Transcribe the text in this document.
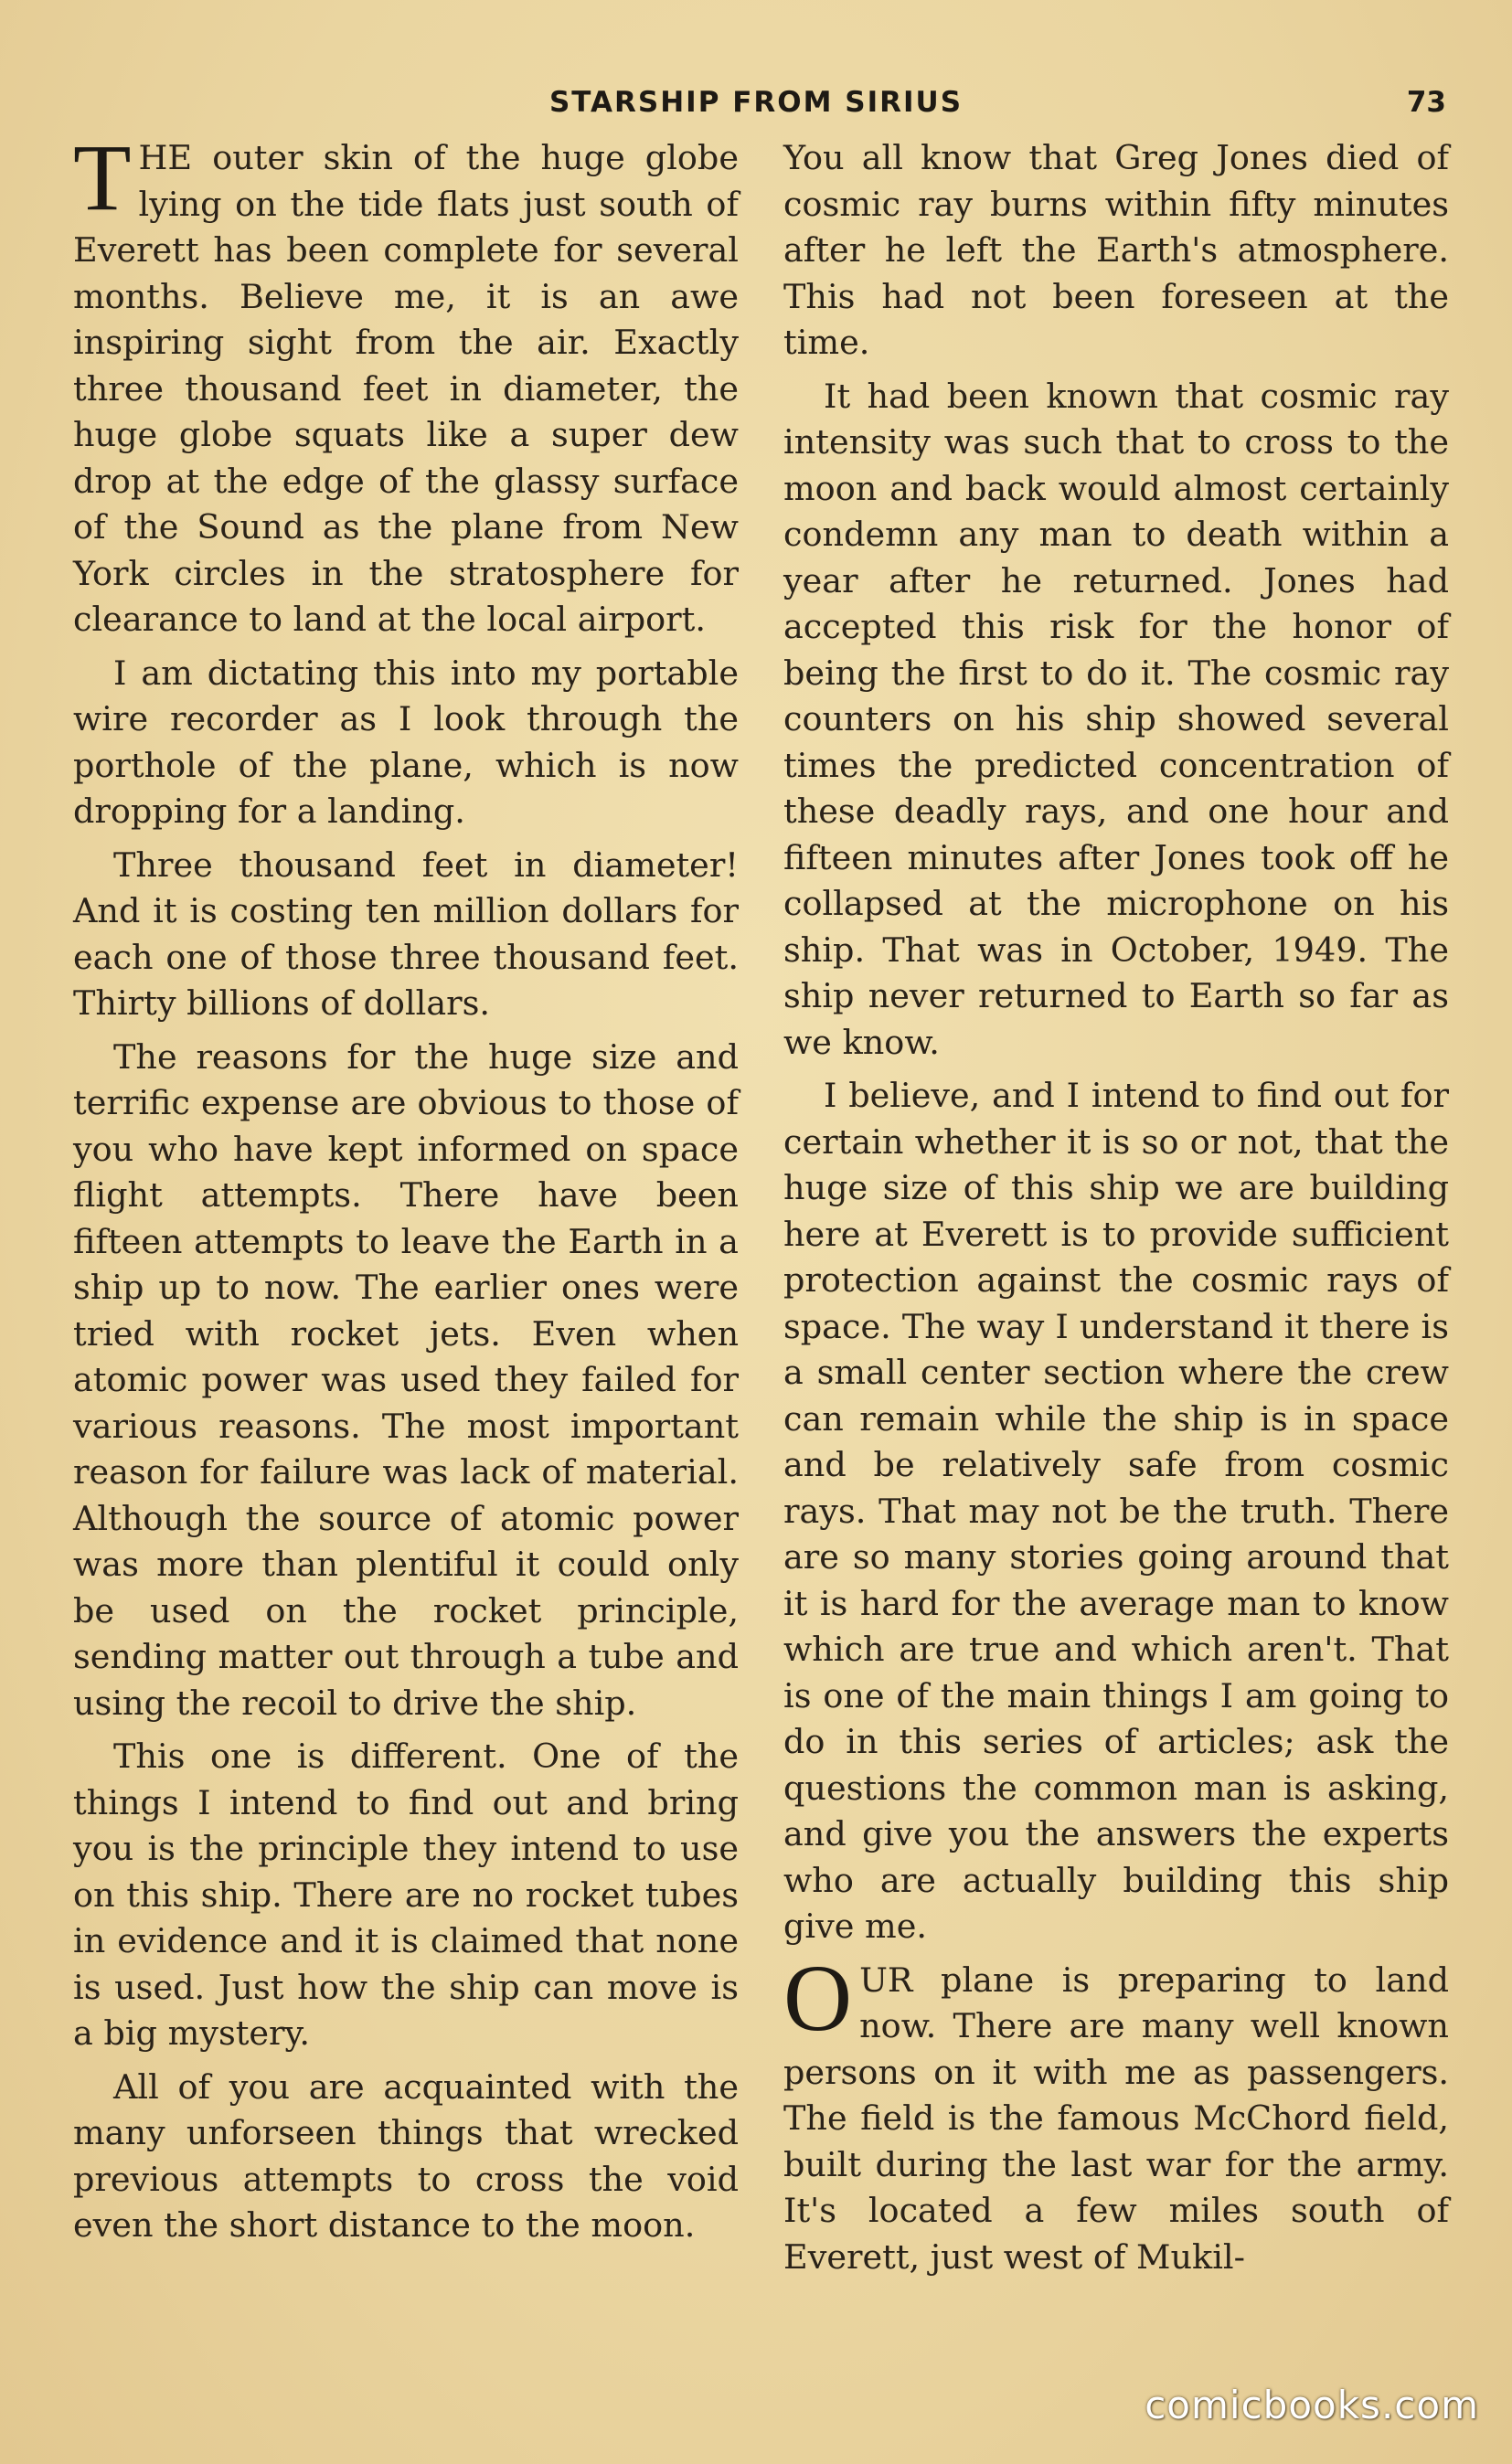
STARSHIP FROM SIRIUS	73

THE outer skin of the huge globe lying on the tide flats just south of Everett has been complete for several months. Believe me, it is an awe inspiring sight from the air. Exactly three thousand feet in diameter, the huge globe squats like a super dew drop at the edge of the glassy surface of the Sound as the plane from New York circles in the stratosphere for clearance to land at the local airport.

I am dictating this into my portable wire recorder as I look through the porthole of the plane, which is now dropping for a landing.

Three thousand feet in diameter! And it is costing ten million dollars for each one of those three thousand feet. Thirty billions of dollars.

The reasons for the huge size and terrific expense are obvious to those of you who have kept informed on space flight attempts. There have been fifteen attempts to leave the Earth in a ship up to now. The earlier ones were tried with rocket jets. Even when atomic power was used they failed for various reasons. The most important reason for failure was lack of material. Although the source of atomic power was more than plentiful it could only be used on the rocket principle, sending matter out through a tube and using the recoil to drive the ship.

This one is different. One of the things I intend to find out and bring you is the principle they intend to use on this ship. There are no rocket tubes in evidence and it is claimed that none is used. Just how the ship can move is a big mystery.

All of you are acquainted with the many unforseen things that wrecked previous attempts to cross the void even the short distance to the moon.

You all know that Greg Jones died of cosmic ray burns within fifty minutes after he left the Earth's atmosphere. This had not been foreseen at the time.

It had been known that cosmic ray intensity was such that to cross to the moon and back would almost certainly condemn any man to death within a year after he returned. Jones had accepted this risk for the honor of being the first to do it. The cosmic ray counters on his ship showed several times the predicted concentration of these deadly rays, and one hour and fifteen minutes after Jones took off he collapsed at the microphone on his ship. That was in October, 1949. The ship never returned to Earth so far as we know.

I believe, and I intend to find out for certain whether it is so or not, that the huge size of this ship we are building here at Everett is to provide sufficient protection against the cosmic rays of space. The way I understand it there is a small center section where the crew can remain while the ship is in space and be relatively safe from cosmic rays. That may not be the truth. There are so many stories going around that it is hard for the average man to know which are true and which aren't. That is one of the main things I am going to do in this series of articles; ask the questions the common man is asking, and give you the answers the experts who are actually building this ship give me.

OUR plane is preparing to land now. There are many well known persons on it with me as passengers. The field is the famous McChord field, built during the last war for the army. It's located a few miles south of Everett, just west of Mukil-

comicbooks.com
